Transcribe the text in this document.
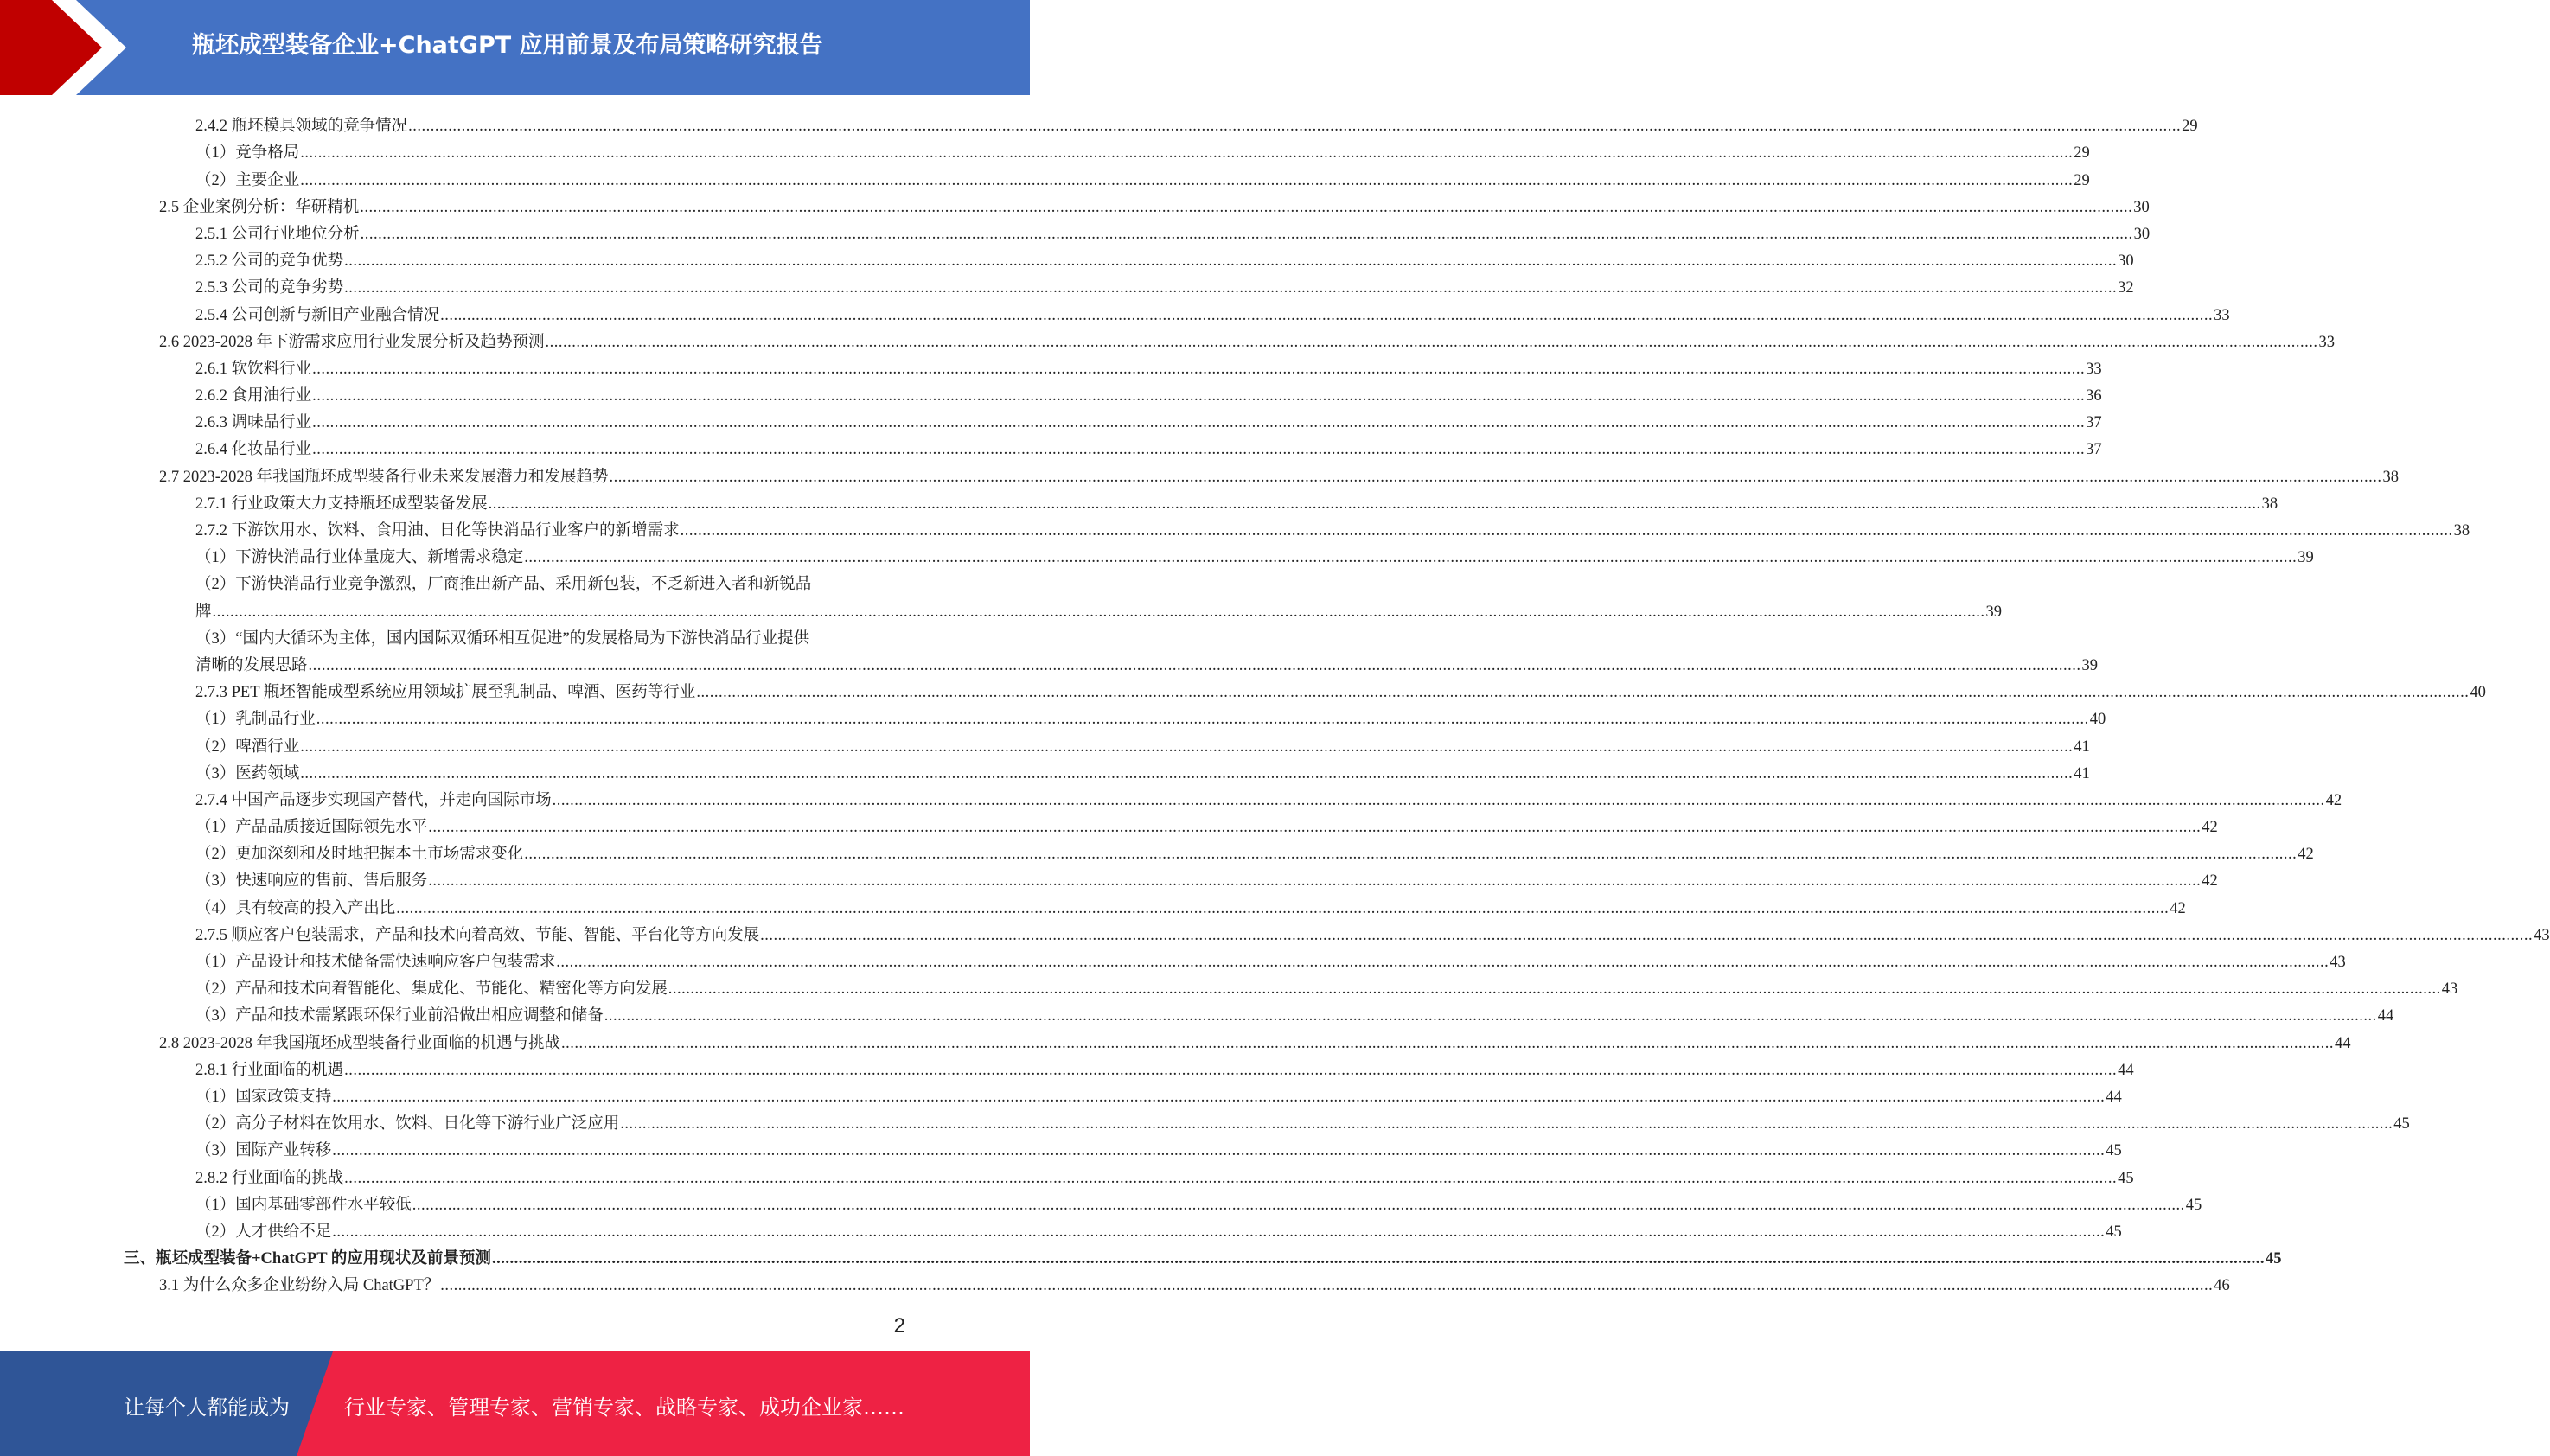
瓶坯成型装备企业+ChatGPT 应用前景及布局策略研究报告
2.4.2 瓶坯模具领域的竞争情况 ................................................................................................................................................................................................................................................................................................................................................................................................................ 29
（1）竞争格局 ................................................................................................................................................................................................................................................................................................................................................................................................................ 29
（2）主要企业 ................................................................................................................................................................................................................................................................................................................................................................................................................ 29
2.5 企业案例分析：华研精机 ................................................................................................................................................................................................................................................................................................................................................................................................................ 30
2.5.1 公司行业地位分析 ................................................................................................................................................................................................................................................................................................................................................................................................................ 30
2.5.2 公司的竞争优势 ................................................................................................................................................................................................................................................................................................................................................................................................................ 30
2.5.3 公司的竞争劣势 ................................................................................................................................................................................................................................................................................................................................................................................................................ 32
2.5.4 公司创新与新旧产业融合情况 ................................................................................................................................................................................................................................................................................................................................................................................................................ 33
2.6 2023-2028 年下游需求应用行业发展分析及趋势预测 ................................................................................................................................................................................................................................................................................................................................................................................................................ 33
2.6.1 软饮料行业 ................................................................................................................................................................................................................................................................................................................................................................................................................ 33
2.6.2 食用油行业 ................................................................................................................................................................................................................................................................................................................................................................................................................ 36
2.6.3 调味品行业 ................................................................................................................................................................................................................................................................................................................................................................................................................ 37
2.6.4 化妆品行业 ................................................................................................................................................................................................................................................................................................................................................................................................................ 37
2.7 2023-2028 年我国瓶坯成型装备行业未来发展潜力和发展趋势 ................................................................................................................................................................................................................................................................................................................................................................................................................ 38
2.7.1 行业政策大力支持瓶坯成型装备发展 ................................................................................................................................................................................................................................................................................................................................................................................................................ 38
2.7.2 下游饮用水、饮料、食用油、日化等快消品行业客户的新增需求 ................................................................................................................................................................................................................................................................................................................................................................................................................ 38
（1）下游快消品行业体量庞大、新增需求稳定 ................................................................................................................................................................................................................................................................................................................................................................................................................ 39
（2）下游快消品行业竞争激烈，厂商推出新产品、采用新包装，不乏新进入者和新锐品
牌 ................................................................................................................................................................................................................................................................................................................................................................................................................ 39
（3）“国内大循环为主体，国内国际双循环相互促进”的发展格局为下游快消品行业提供
清晰的发展思路 ................................................................................................................................................................................................................................................................................................................................................................................................................ 39
2.7.3 PET 瓶坯智能成型系统应用领域扩展至乳制品、啤酒、医药等行业 ................................................................................................................................................................................................................................................................................................................................................................................................................ 40
（1）乳制品行业 ................................................................................................................................................................................................................................................................................................................................................................................................................ 40
（2）啤酒行业 ................................................................................................................................................................................................................................................................................................................................................................................................................ 41
（3）医药领域 ................................................................................................................................................................................................................................................................................................................................................................................................................ 41
2.7.4 中国产品逐步实现国产替代，并走向国际市场 ................................................................................................................................................................................................................................................................................................................................................................................................................ 42
（1）产品品质接近国际领先水平 ................................................................................................................................................................................................................................................................................................................................................................................................................ 42
（2）更加深刻和及时地把握本土市场需求变化 ................................................................................................................................................................................................................................................................................................................................................................................................................ 42
（3）快速响应的售前、售后服务 ................................................................................................................................................................................................................................................................................................................................................................................................................ 42
（4）具有较高的投入产出比 ................................................................................................................................................................................................................................................................................................................................................................................................................ 42
2.7.5 顺应客户包装需求，产品和技术向着高效、节能、智能、平台化等方向发展 ................................................................................................................................................................................................................................................................................................................................................................................................................ 43
（1）产品设计和技术储备需快速响应客户包装需求 ................................................................................................................................................................................................................................................................................................................................................................................................................ 43
（2）产品和技术向着智能化、集成化、节能化、精密化等方向发展 ................................................................................................................................................................................................................................................................................................................................................................................................................ 43
（3）产品和技术需紧跟环保行业前沿做出相应调整和储备 ................................................................................................................................................................................................................................................................................................................................................................................................................ 44
2.8 2023-2028 年我国瓶坯成型装备行业面临的机遇与挑战 ................................................................................................................................................................................................................................................................................................................................................................................................................ 44
2.8.1 行业面临的机遇 ................................................................................................................................................................................................................................................................................................................................................................................................................ 44
（1）国家政策支持 ................................................................................................................................................................................................................................................................................................................................................................................................................ 44
（2）高分子材料在饮用水、饮料、日化等下游行业广泛应用 ................................................................................................................................................................................................................................................................................................................................................................................................................ 45
（3）国际产业转移 ................................................................................................................................................................................................................................................................................................................................................................................................................ 45
2.8.2 行业面临的挑战 ................................................................................................................................................................................................................................................................................................................................................................................................................ 45
（1）国内基础零部件水平较低 ................................................................................................................................................................................................................................................................................................................................................................................................................ 45
（2）人才供给不足 ................................................................................................................................................................................................................................................................................................................................................................................................................ 45
三、瓶坯成型装备+ChatGPT 的应用现状及前景预测 ................................................................................................................................................................................................................................................................................................................................................................................................................ 45
3.1 为什么众多企业纷纷入局 ChatGPT？ ................................................................................................................................................................................................................................................................................................................................................................................................................ 46
2
让每个人都能成为	行业专家、管理专家、营销专家、战略专家、成功企业家……
